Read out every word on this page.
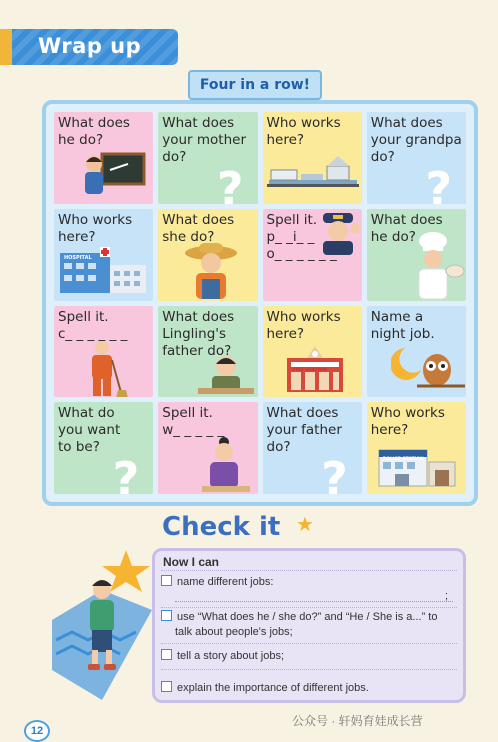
Wrap up
Four in a row!
What does
he do?
What does
your mother
do?
?
Who works
here?
What does
your grandpa
do?
?
Who works
here?
HOSPITAL
What does
she do?
Spell it.
p_ _i_ _
o_ _ _ _ _ _
What does
he do?
Spell it.
c_ _ _ _ _ _
What does
Lingling's
father do?
Who works
here?
FIRE STATION
Name a
night job.
What do
you want
to be?
?
Spell it.
w_ _ _ _ _
What does
your father
do?
?
Who works
here?
POLICE STATION
Check it ★
Now I can
name different jobs:
;
use “What does he / she do?” and “He / She is a...” to
talk about people's jobs;
tell a story about jobs;
explain the importance of different jobs.
12
公众号 · 轩妈育娃成长营
